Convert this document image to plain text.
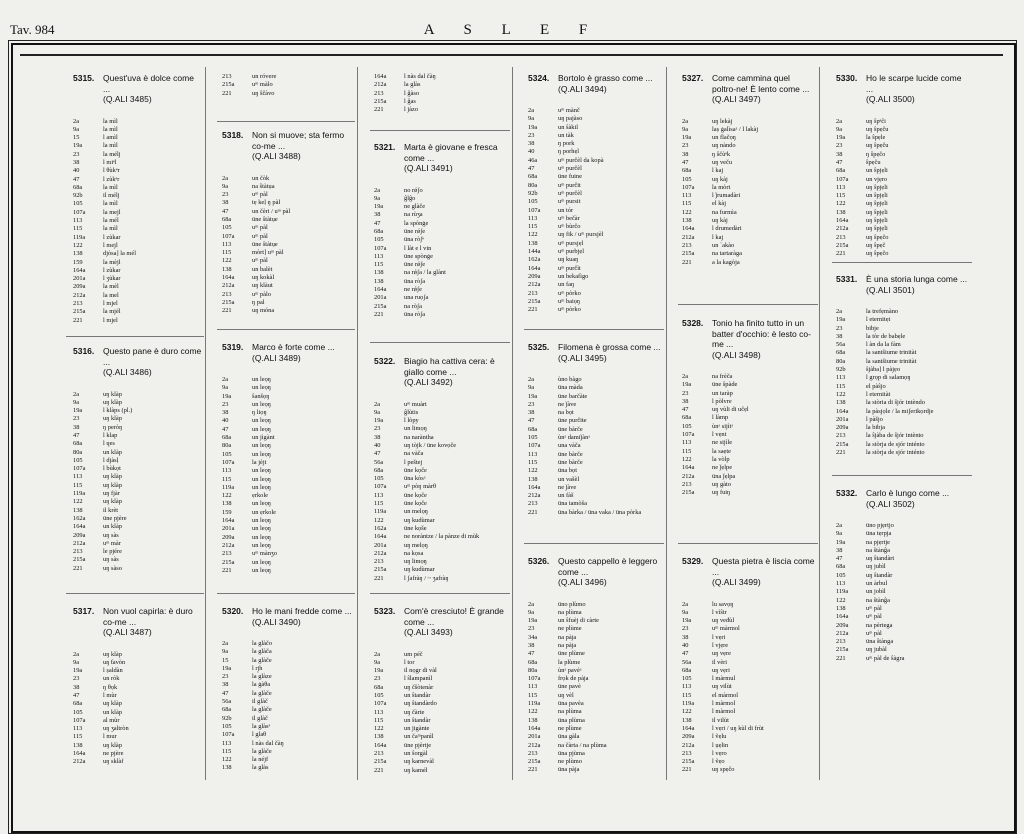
Tav. 984	A S L E F
5315.	Quest'uva è dolce come ...
(Q.ALI 3485)
2a	la mìl
9a	la mìl
15	l amìl
19a	la mìl
23	la mélj
38	l miᵉl
40	l θùkᵉr
47	l zùkᵉr
68a	la mìl
92b	il mélj
105	la mìl
107a	la mejl
113	la mél
115	la mìl
119a	l zùkar
122	l mejl
138	djòsa] la mél
159	la mèjl
164a	l zùkar
201a	l ʒùkar
209a	la mèl
212a	la mel
213	l mjel
215a	la mjél
221	l mjel
5316.	Questo pane è duro come ...
(Q.ALI 3486)
2a	uŋ klàp
9a	uŋ klàp
19a	l klàps (pl.)
23	uŋ klàp
38	ŋ peròŋ
47	l klap
68a	l ɥes
80a	un klàp
105	l djàsḷ
107a	l bùkọt
113	uŋ klàp
115	uŋ klàp
119a	uŋ fjàr
122	uŋ klàp
138	il krèt
162a	üne pjère
164a	un klàp
209a	uŋ sàs
212a	uᵐ màr
213	le pjére
215a	uŋ sàs
221	uŋ sàso
5317.	Non vuol capirla: è duro co-me ...
(Q.ALI 3487)
2a	uŋ klàp
9a	uŋ ƭavòn
19a	l ṣaldàn
23	un ròk
38	ŋ θọk
47	l mùr
68a	uŋ klàp
105	un klàp
107a	al mùr
113	uŋ ʒaltròn
115	l mur
138	uŋ klàp
164a	ne pjère
212a	uŋ sklàf
213	un róvere
215a	uᵐ màlo
221	uŋ ŝčàvo
5318.	Non si muove; sta fermo co-me ...
(Q.ALI 3488)
2a	un čòk
9a	na ŝtàtụa
23	uᵐ pàl
38	tẹ keḷ ŋ pàl
47	un čèri / uᵐ pàl
68a	üne ŝtàtụe
105	uᵐ pàl
107a	uᵐ pàl
113	üne ŝtàtụe
115	mòrt] uᵐ pàl
122	uᵐ pàl
138	un balèt
164a	uŋ kokàl
212a	uŋ klàut
213	uᵐ pàlo
215a	ŋ pal
221	uŋ móna
5319.	Marco è forte come ...
(Q.ALI 3489)
2a	un leọŋ
9a	un leọŋ
19a	ŝanšọŋ
23	un leọŋ
38	ŋ liọŋ
40	un leọŋ
47	un leọŋ
68a	un jìgànt
80a	un leọŋ
105	un leọŋ
107a	la jèjt
113	un leọŋ
115	un leọŋ
119a	un leọŋ
122	ẹrkole
138	un leọŋ
159	un ẹrkole
164a	un leọŋ
201a	un leọŋ
209a	un leọŋ
212a	un leọŋ
213	uᵐ mànʒo
215a	un leọŋ
221	un leọŋ
5320.	Ho le mani fredde come ...
(Q.ALI 3490)
2a	la glàčo
9a	la glàča
15	la glàče
19a	l rj̣h
23	la glàze
38	la ġàθa
47	la glàče
56a	il glàč
68a	la glàče
92b	il glàč
105	la glàsᵊ
107a	l glaθ
113	l nàs dal čàŋ
115	la glàče
122	la néjf
138	la glàs
164a	l nàs dal čàŋ
212a	la glàs
213	l ĝàso
215a	l ĝas
221	l jàzo
5321.	Marta è giovane e fresca come ...
(Q.ALI 3491)
2a	no rǿʃo
9a	ĝlĝo
19a	ne glàče
38	na rùʒa
47	la spònġe
68a	üne rǿʃe
105	üna ròʃᵉ
107a	l làt e l vin
113	üne spònġe
115	üne rǿʃe
138	na rǿʃa / la glànt
138	üna ròʃa
164a	ne rǿʃe
201a	una ruọʃa
215a	na ròʃa
221	üna ròʃa
5322.	Biagio ha cattiva cera: è giallo come ...
(Q.ALI 3492)
2a	uᵐ muàrt
9a	ĝlùtis
19a	l lòpy
23	un limọŋ
38	na naràntha
40	uŋ tòjk / üne kovọče
47	na vàča
56a	l peštej
68a	üne kọče
105	üna kòsᵃ
107a	uᵐ pòŋ màrθ
113	üne kọče
115	üne kọče
119a	un melọŋ
122	uŋ kudùmar
162a	üne kọše
164a	ne noràntze / la pànze di mùk
201a	uŋ melọŋ
212a	na kọsa
213	uŋ limọŋ
215a	uŋ kudùmar
221	l ʃafràŋ / ~ ʒafràŋ
5323.	Com'è cresciuto! È grande come ...
(Q.ALI 3493)
2a	um péč
9a	l tor
19a	il nọgr di vàl
23	l ŝlampanìl
68a	uŋ čŝòtenàr
105	un ŝtandàr
107a	uŋ ŝtandàrdo
113	uŋ čàrte
115	un ŝtandàr
122	un jigànte
138	un čaᵐpanìl
164a	üne pjèrtje
213	un ŝorgàl
215a	uŋ karnevàl
221	uŋ kamél
5324.	Bortolo è grasso come ...
(Q.ALI 3494)
2a	uᵐ mànč
9a	uŋ pajàso
19a	un ŝàkil
23	un tàk
38	ŋ pork
40	ŋ porhẹl
46a	uᵐ purčèl da kopà
47	uᵐ purčèl
68a	üne fuine
80a	uᵐ purčit
92b	uᵐ purčèl
105	uᵐ pursit
107a	un tór
113	uᵐ bečàr
115	uᵐ bùrčo
122	uŋ fik / uᵐ pursjèl
138	uᵐ pursjẹl
144a	uᵐ purbjẹl
162a	uŋ kuaŋ
164a	uᵐ purčìt
209a	un bekafìgo
212a	un faŋ
213	uᵐ pòrko
215a	uᵐ baiọŋ
221	uᵐ pòrko
5325.	Filomena è grossa come ...
(Q.ALI 3495)
2a	ùno bàgo
9a	üna màda
19a	üne barčàte
23	ne ǰàve
38	na bọt
47	üne purčiŧe
68a	üne bàrče
105	ùnᵃ damiǰànᵃ
107a	una vàča
113	üne bàrče
115	üne bàrče
122	üna bọt
138	un vašèl
164a	ne ǰàve
212a	un fàš
213	üna tamòša
221	üna bàrka / üna vaka / üna pòrka
5326.	Questo cappello è leggero come ...
(Q.ALI 3496)
2a	üno plùmo
9a	na plùma
19a	un ŝfuèj di càrte
23	ne plùme
34a	na pàja
38	na pàja
47	üne plùme
68a	la plùme
80a	ùnᵃ pavèᵃ
107a	frọk de pàja
113	üne pavè
115	uŋ vèl
119a	üna pavèa
122	na plùma
138	üna plùma
164a	ne plùme
201a	üna gàla
212a	na čàrta / na plùma
213	üna pjùma
215a	ne plùmo
221	üna pàja
5327.	Come cammina quel poltro-ne! È lento come ...
(Q.ALI 3497)
2a	uŋ lekàj
9a	laṣ ġalìsaᵃ / l lakàj
19a	un flačọŋ
23	uŋ nàndo
38	ŋ ŝčùᵉk
47	uŋ veču
68a	l kaj
105	uŋ kàj
107a	la mòrt
113	l ǰrumadàri
115	el kàj
122	na furmìa
138	uŋ kàj
164a	l drumedàri
212a	l kaj
213	un `akào
215a	na tartaràga
221	a la kagòja
5328.	Tonio ha finito tutto in un batter d'occhio: è lesto co-me ...
(Q.ALI 3498)
2a	na frèča
19a	üne ŝpàde
23	un taràp
38	l pòlvre
47	uŋ vùli di učẹl
68a	l làmp
105	ùnᵃ sijìtᵃ
107a	l vẹnt
113	ne sijìle
115	la saẹte
122	la vòlp
164a	ne ǰẹlpe
212a	üna ǰẹlpa
213	uŋ gàto
215a	uŋ fuiŋ
5329.	Questa pietra è liscia come ...
(Q.ALI 3499)
2a	lu savọŋ
9a	l vìŝtr
19a	uŋ veđùl
23	uᵐ màrmol
38	l vẹri
40	l vjẹre
47	uŋ vẹre
56a	il vèri
68a	uŋ vẹri
105	l màrmul
113	uŋ vilùt
115	el màrmol
119a	l màrmol
122	l màrmol
138	il vilùt
164a	l vẹri / uŋ kùl di frùt
209a	l ṽẹlu
212a	l ụẹlin
213	l vẹro
215a	l ṽẹo
221	uŋ spẹčo
5330.	Ho le scarpe lucide come ...
(Q.ALI 3500)
2a	uŋ ŝpᵉĉi
9a	uŋ ŝpẹču
19a	la ŝpẹle
23	uŋ ŝpẹču
38	ŋ ŝpẹčo
47	ŝpẹču
68a	un ŝpjẹli
107a	un vjẹro
113	uŋ ŝpjẹli
115	un ŝpjẹli
122	uŋ ŝpjẹli
138	uŋ ŝpjẹli
164a	uŋ ŝpjẹli
212a	uŋ ŝpjẹli
213	uŋ ŝpẹčo
215a	uŋ ŝpẹč
221	uŋ ŝpẹčo
5331.	È una storia lunga come ...
(Q.ALI 3501)
2a	la trefẹmàno
19a	l eternitẹt
23	bibje
38	la tòr de babẹle
56a	l àn da la fàm
68a	la santšiume trinitàt
80a	la santšiume trinitàt
92b	ŝjàba] l pàjẹo
113	l grọp di salamọŋ
115	el pàŝjo
122	l eternitàt
138	la stòria di ŝjór intèndo
164a	la pàsjọle / la miʃerikọrdje
201a	l pàšjo
209a	la bibja
213	la ŝjàba de ŝjór intènto
215a	la stòrja de sjór inténto
221	la stòrja de sjór inténto
5332.	Carlo è lungo come ...
(Q.ALI 3502)
2a	üno pjẹrtjo
9a	üna tẹrpja
19a	na pjẹrtje
38	na ŝtànĝa
47	uŋ ŝtandàrt
68a	uŋ jubìl
105	uŋ ŝtandàr
113	un àrbul
119a	un jobìl
122	na ŝtànĝa
138	uᵐ pàl
164a	uᵐ pàl
209a	na pèrtega
212a	uᵐ pàl
213	üna ŝtànga
215a	uŋ jubàl
221	uᵐ pàl de ŝàgra
